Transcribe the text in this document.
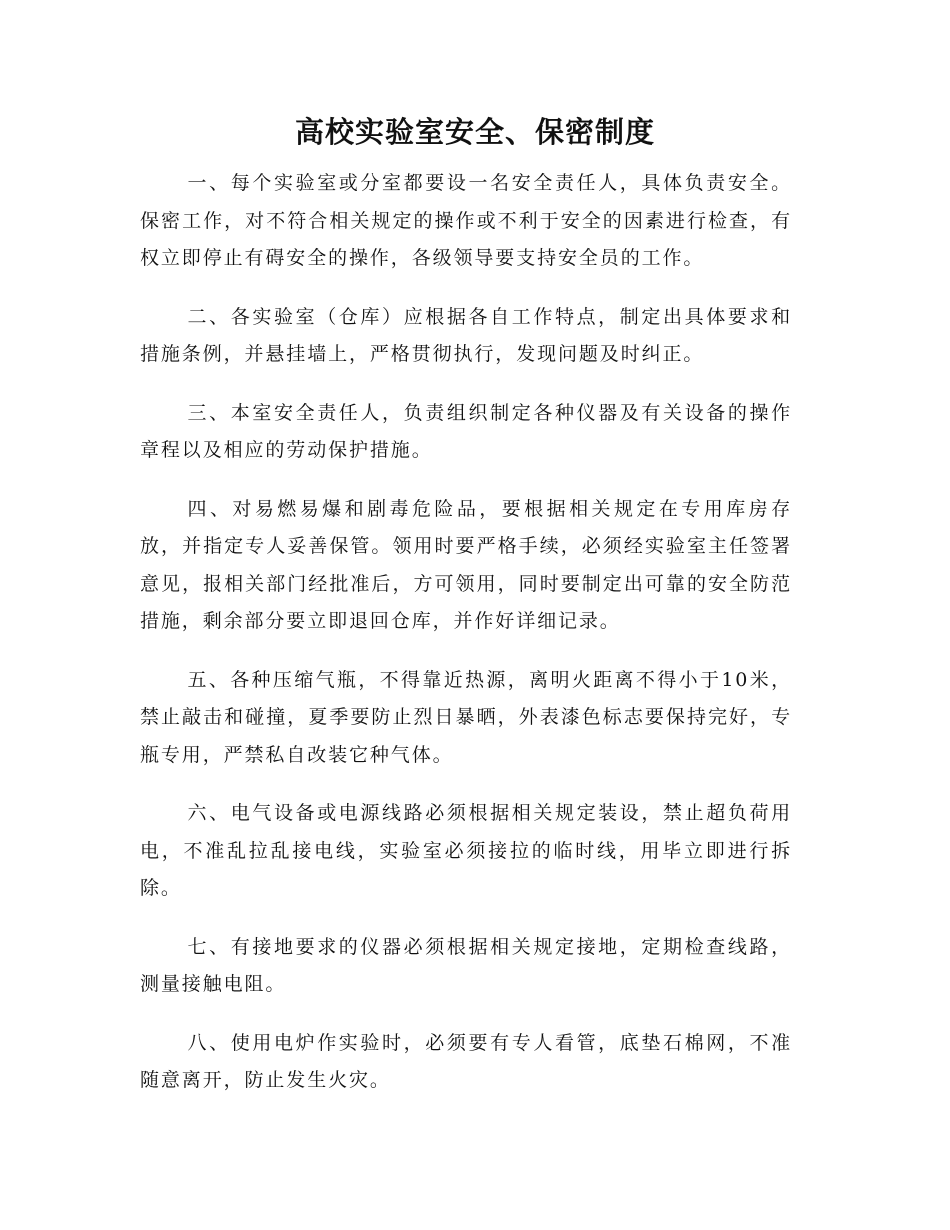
高校实验室安全、保密制度

一、每个实验室或分室都要设一名安全责任人，具体负责安全。保密工作，对不符合相关规定的操作或不利于安全的因素进行检查，有权立即停止有碍安全的操作，各级领导要支持安全员的工作。

二、各实验室（仓库）应根据各自工作特点，制定出具体要求和措施条例，并悬挂墙上，严格贯彻执行，发现问题及时纠正。

三、本室安全责任人，负责组织制定各种仪器及有关设备的操作章程以及相应的劳动保护措施。

四、对易燃易爆和剧毒危险品，要根据相关规定在专用库房存放，并指定专人妥善保管。领用时要严格手续，必须经实验室主任签署意见，报相关部门经批准后，方可领用，同时要制定出可靠的安全防范措施，剩余部分要立即退回仓库，并作好详细记录。

五、各种压缩气瓶，不得靠近热源，离明火距离不得小于10米，禁止敲击和碰撞，夏季要防止烈日暴晒，外表漆色标志要保持完好，专瓶专用，严禁私自改装它种气体。

六、电气设备或电源线路必须根据相关规定装设，禁止超负荷用电，不准乱拉乱接电线，实验室必须接拉的临时线，用毕立即进行拆除。

七、有接地要求的仪器必须根据相关规定接地，定期检查线路，测量接触电阻。

八、使用电炉作实验时，必须要有专人看管，底垫石棉网，不准随意离开，防止发生火灾。
